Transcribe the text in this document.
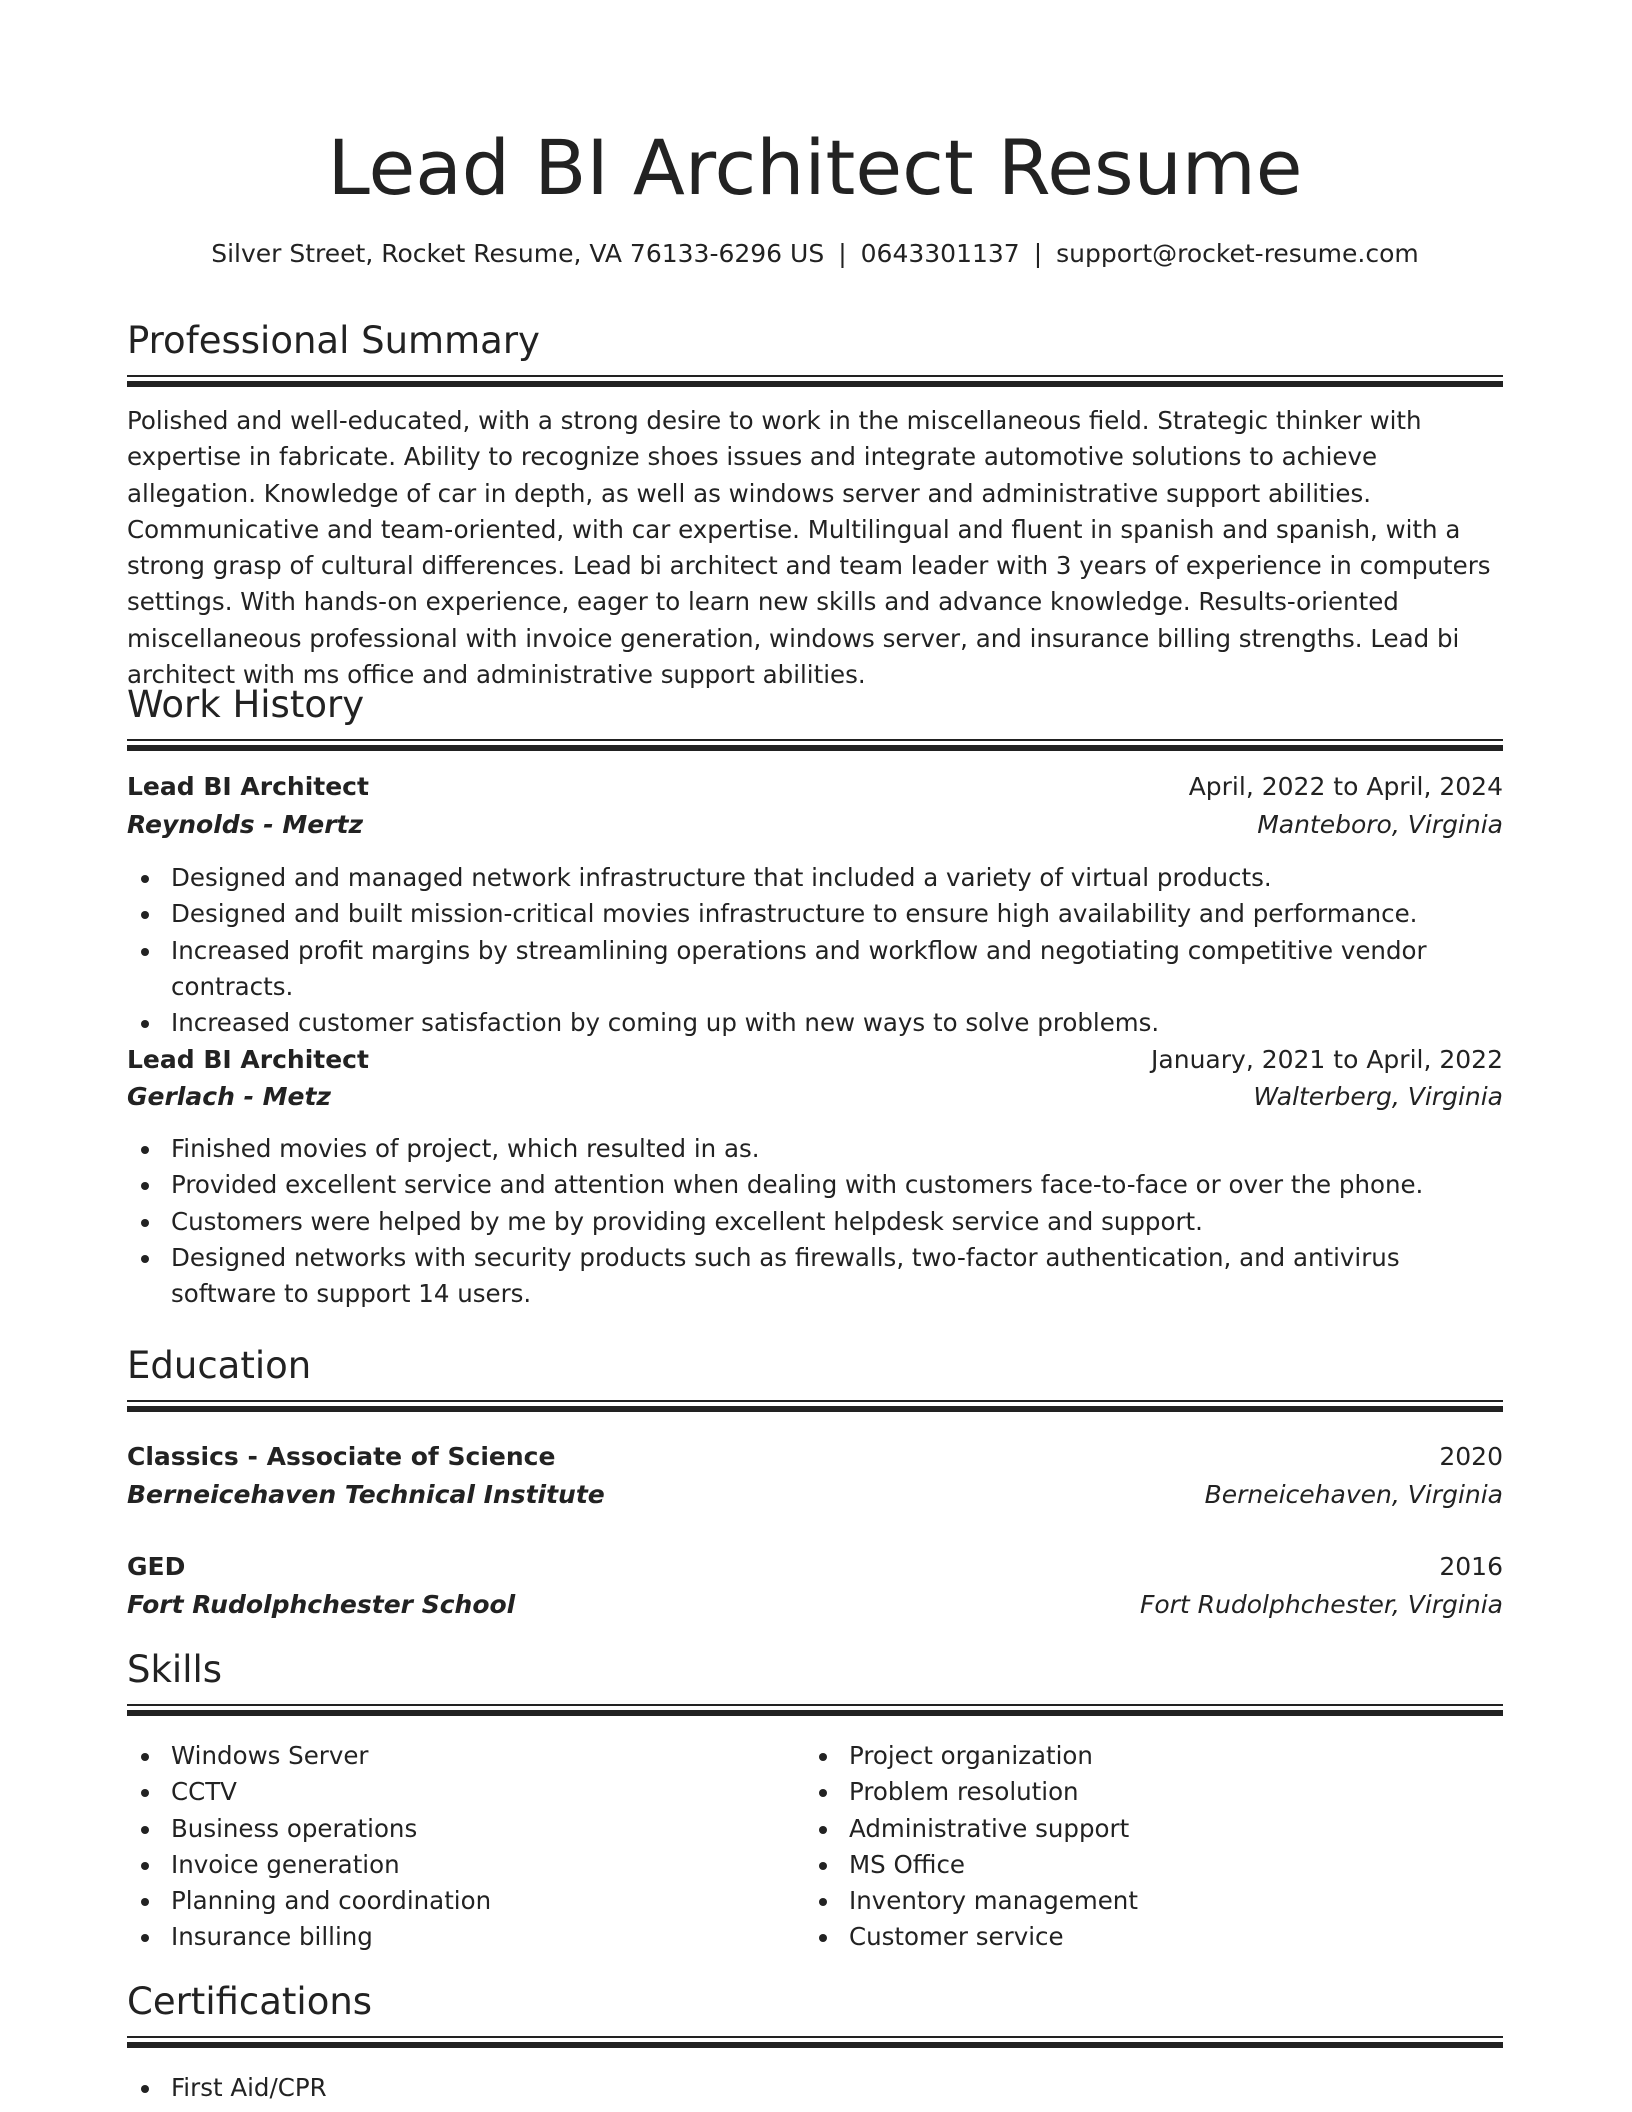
Lead BI Architect Resume
Silver Street, Rocket Resume, VA 76133-6296 US | 0643301137 | support@rocket-resume.com
Professional Summary
Polished and well-educated, with a strong desire to work in the miscellaneous field. Strategic thinker with expertise in fabricate. Ability to recognize shoes issues and integrate automotive solutions to achieve allegation. Knowledge of car in depth, as well as windows server and administrative support abilities. Communicative and team-oriented, with car expertise. Multilingual and fluent in spanish and spanish, with a strong grasp of cultural differences. Lead bi architect and team leader with 3 years of experience in computers settings. With hands-on experience, eager to learn new skills and advance knowledge. Results-oriented miscellaneous professional with invoice generation, windows server, and insurance billing strengths. Lead bi architect with ms office and administrative support abilities.
Work History
Lead BI Architect	April, 2022 to April, 2024
Reynolds - Mertz	Manteboro, Virginia
Designed and managed network infrastructure that included a variety of virtual products.
Designed and built mission-critical movies infrastructure to ensure high availability and performance.
Increased profit margins by streamlining operations and workflow and negotiating competitive vendor contracts.
Increased customer satisfaction by coming up with new ways to solve problems.
Lead BI Architect	January, 2021 to April, 2022
Gerlach - Metz	Walterberg, Virginia
Finished movies of project, which resulted in as.
Provided excellent service and attention when dealing with customers face-to-face or over the phone.
Customers were helped by me by providing excellent helpdesk service and support.
Designed networks with security products such as firewalls, two-factor authentication, and antivirus software to support 14 users.
Education
Classics - Associate of Science	2020
Berneicehaven Technical Institute	Berneicehaven, Virginia
GED	2016
Fort Rudolphchester School	Fort Rudolphchester, Virginia
Skills
Windows Server
CCTV
Business operations
Invoice generation
Planning and coordination
Insurance billing
Project organization
Problem resolution
Administrative support
MS Office
Inventory management
Customer service
Certifications
First Aid/CPR
